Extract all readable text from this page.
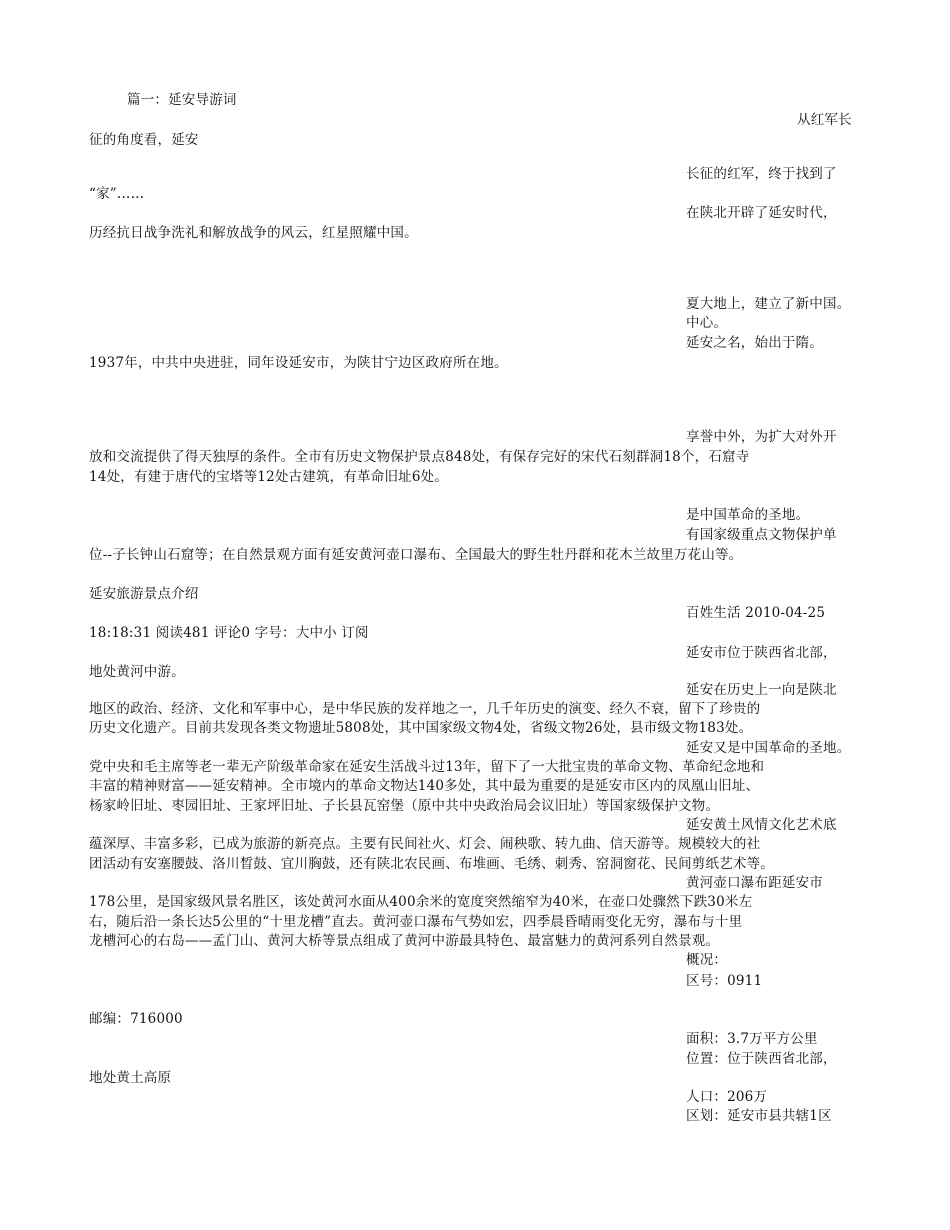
篇一：延安导游词
从红军长
征的角度看，延安
长征的红军，终于找到了
“家”……
在陕北开辟了延安时代，
历经抗日战争洗礼和解放战争的风云，红星照耀中国。
夏大地上，建立了新中国。
中心。
延安之名，始出于隋。
1937年，中共中央进驻，同年设延安市，为陕甘宁边区政府所在地。
享誉中外，为扩大对外开
放和交流提供了得天独厚的条件。全市有历史文物保护景点848处，有保存完好的宋代石刻群洞18个，石窟寺
14处，有建于唐代的宝塔等12处古建筑，有革命旧址6处。
是中国革命的圣地。
有国家级重点文物保护单
位--子长钟山石窟等；在自然景观方面有延安黄河壶口瀑布、全国最大的野生牡丹群和花木兰故里万花山等。
延安旅游景点介绍
百姓生活 2010-04-25
18:18:31 阅读481 评论0 字号：大中小 订阅
延安市位于陕西省北部，
地处黄河中游。
延安在历史上一向是陕北
地区的政治、经济、文化和军事中心，是中华民族的发祥地之一，几千年历史的演变、经久不衰，留下了珍贵的
历史文化遗产。目前共发现各类文物遗址5808处，其中国家级文物4处，省级文物26处，县市级文物183处。
延安又是中国革命的圣地。
党中央和毛主席等老一辈无产阶级革命家在延安生活战斗过13年，留下了一大批宝贵的革命文物、革命纪念地和
丰富的精神财富——延安精神。全市境内的革命文物达140多处，其中最为重要的是延安市区内的凤凰山旧址、
杨家岭旧址、枣园旧址、王家坪旧址、子长县瓦窑堡（原中共中央政治局会议旧址）等国家级保护文物。
延安黄土风情文化艺术底
蕴深厚、丰富多彩，已成为旅游的新亮点。主要有民间社火、灯会、闹秧歌、转九曲、信天游等。规模较大的社
团活动有安塞腰鼓、洛川晳鼓、宜川胸鼓，还有陕北农民画、布堆画、毛绣、刺秀、窑洞窗花、民间剪纸艺术等。
黄河壶口瀑布距延安市
178公里，是国家级风景名胜区，该处黄河水面从400余米的宽度突然缩窄为40米，在壶口处骤然下跌30米左
右，随后沿一条长达5公里的“十里龙槽”直去。黄河壶口瀑布气势如宏，四季晨昏晴雨变化无穷，瀑布与十里
龙槽河心的右岛——孟门山、黄河大桥等景点组成了黄河中游最具特色、最富魅力的黄河系列自然景观。
概况：
区号：0911
邮编：716000
面积：3.7万平方公里
位置：位于陕西省北部，
地处黄土高原
人口：206万
区划：延安市县共辖1区
